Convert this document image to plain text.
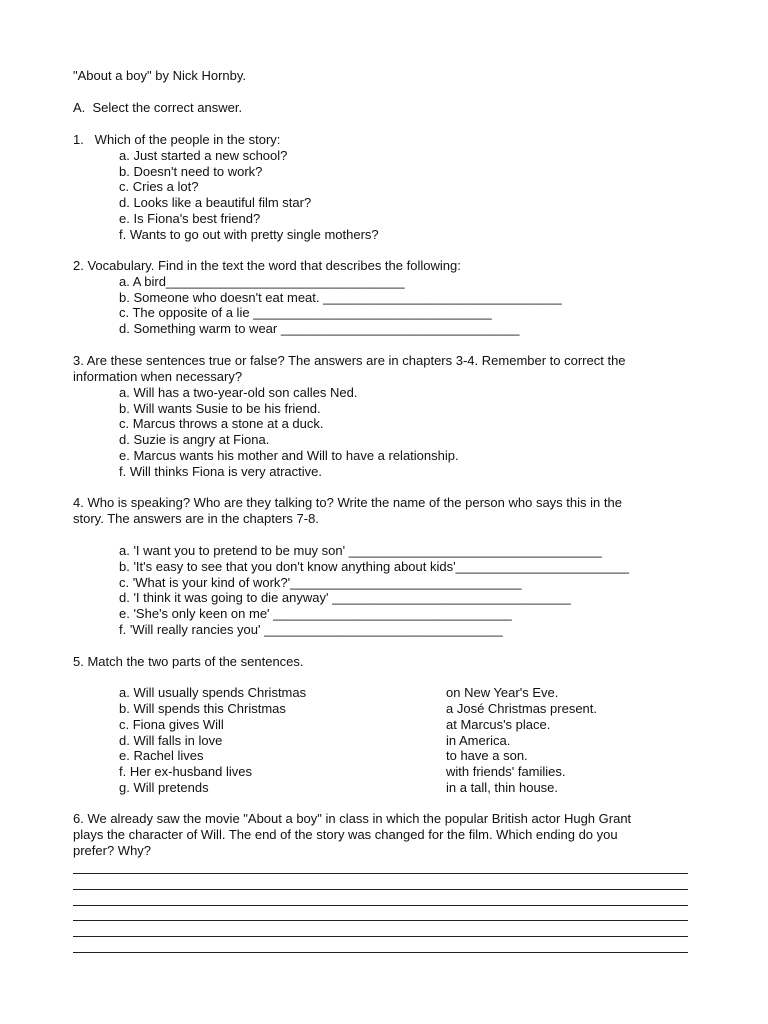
"About a boy" by Nick Hornby.
A.  Select the correct answer.
1.   Which of the people in the story:
a. Just started a new school?
b. Doesn't need to work?
c. Cries a lot?
d. Looks like a beautiful film star?
e. Is Fiona's best friend?
f. Wants to go out with pretty single mothers?
2. Vocabulary. Find in the text the word that describes the following:
a. A bird_________________________________
b. Someone who doesn't eat meat. _________________________________
c. The opposite of a lie _________________________________
d. Something warm to wear _________________________________
3. Are these sentences true or false? The answers are in chapters 3-4. Remember to correct the
information when necessary?
a. Will has a two-year-old son calles Ned.
b. Will wants Susie to be his friend.
c. Marcus throws a stone at a duck.
d. Suzie is angry at Fiona.
e. Marcus wants his mother and Will to have a relationship.
f. Will thinks Fiona is very atractive.
4. Who is speaking? Who are they talking to? Write the name of the person who says this in the
story. The answers are in the chapters 7-8.
a. 'I want you to pretend to be muy son' ___________________________________
b. 'It's easy to see that you don't know anything about kids'________________________
c. 'What is your kind of work?'________________________________
d. 'I think it was going to die anyway' _________________________________
e. 'She's only keen on me' _________________________________
f. 'Will really rancies you' _________________________________
5. Match the two parts of the sentences.
a. Will usually spends Christmas	on New Year's Eve.
b. Will spends this Christmas	a José Christmas present.
c. Fiona gives Will	at Marcus's place.
d. Will falls in love	in America.
e. Rachel lives	to have a son.
f. Her ex-husband lives	with friends' families.
g. Will pretends	in a tall, thin house.
6. We already saw the movie "About a boy" in class in which the popular British actor Hugh Grant
plays the character of Will. The end of the story was changed for the film. Which ending do you
prefer? Why?
